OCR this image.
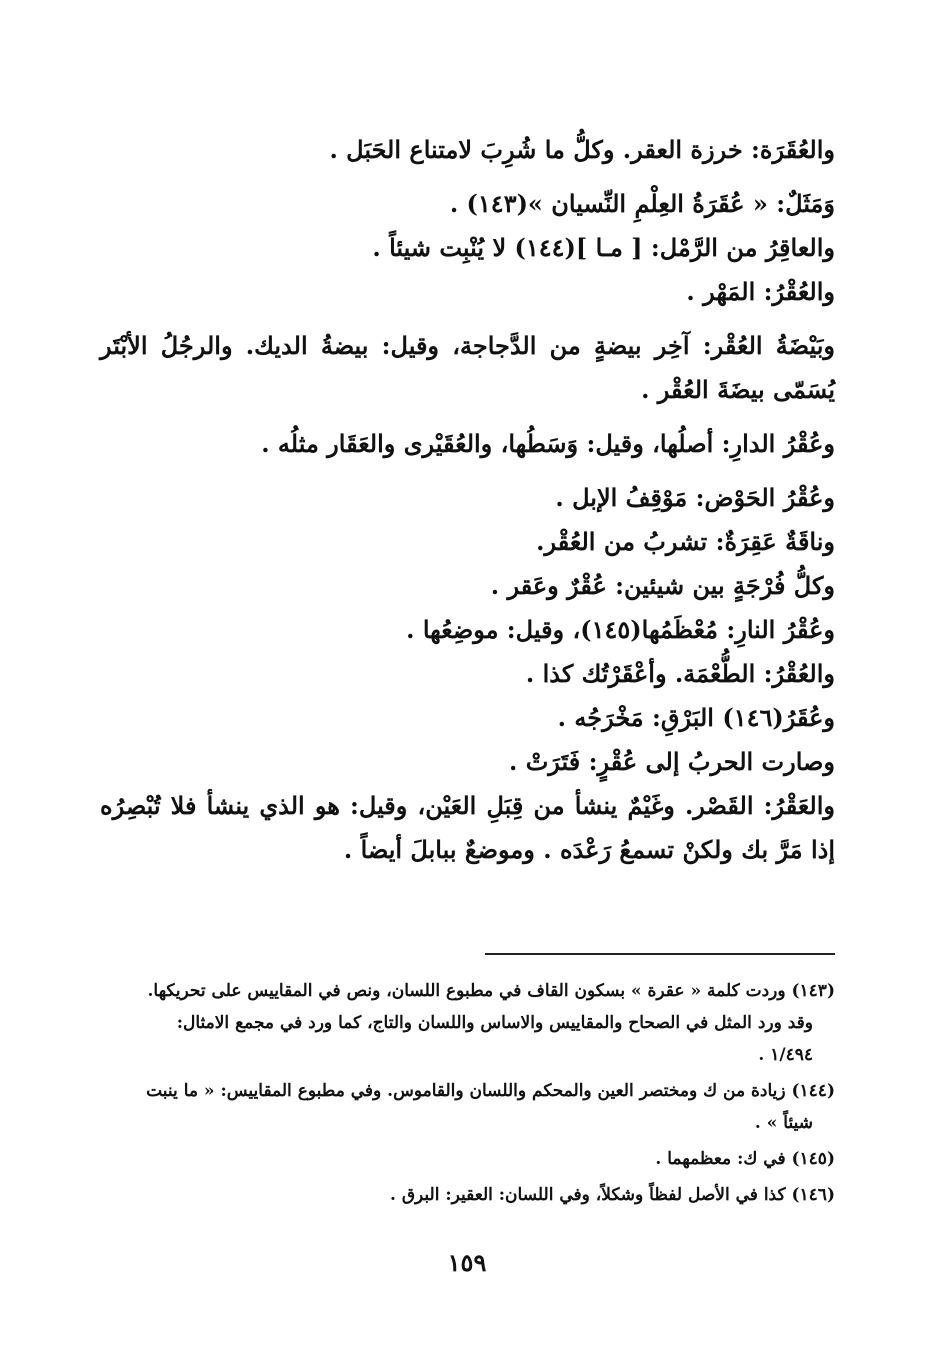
والعُقَرَة: خرزة العقر. وكلُّ ما شُرِبَ لامتناع الحَبَل .

وَمَثَلٌ: « عُقَرَةُ العِلْمِ النِّسيان »(١٤٣) .

والعاقِرُ من الرَّمْل: [ مـا ](١٤٤) لا يُنْبِت شيئاً .

والعُقْرُ: المَهْر .

وبَيْضَةُ العُقْر: آخِر بيضةٍ من الدَّجاجة، وقيل: بيضةُ الديك. والرجُلُ الأبْتَر يُسَمّى بيضَةَ العُقْر .

وعُقْرُ الدارِ: أصلُها، وقيل: وَسَطُها، والعُقَيْرى والعَقَار مثلُه .

وعُقْرُ الحَوْض: مَوْقِفُ الإبل .

وناقَةٌ عَقِرَةٌ: تشربُ من العُقْر.

وكلُّ فُرْجَةٍ بين شيئين: عُقْرٌ وعَقر .

وعُقْرُ النارِ: مُعْظَمُها(١٤٥)، وقيل: موضِعُها .

والعُقْرُ: الطُّعْمَة. وأعْقَرْتُك كذا .

وعُقَرُ(١٤٦) البَرْقِ: مَخْرَجُه .

وصارت الحربُ إلى عُقْرٍ: فَتَرَتْ .

والعَقْرُ: القَصْر. وغَيْمٌ ينشأ من قِبَلِ العَيْن، وقيل: هو الذي ينشأ فلا تُبْصِرُه إذا مَرَّ بك ولكنْ تسمعُ رَعْدَه . وموضعٌ ببابلَ أيضاً .

(١٤٣) وردت كلمة « عقرة » بسكون القاف في مطبوع اللسان، ونص في المقاييس على تحريكها.
وقد ورد المثل في الصحاح والمقاييس والاساس واللسان والتاج، كما ورد في مجمع الامثال:
١/٤٩٤ .
(١٤٤) زيادة من ك ومختصر العين والمحكم واللسان والقاموس. وفي مطبوع المقاييس: « ما ينبت
شيئاً » .
(١٤٥) في ك: معظمهما .
(١٤٦) كذا في الأصل لفظاً وشكلاً، وفي اللسان: العقير: البرق .
١٥٩
